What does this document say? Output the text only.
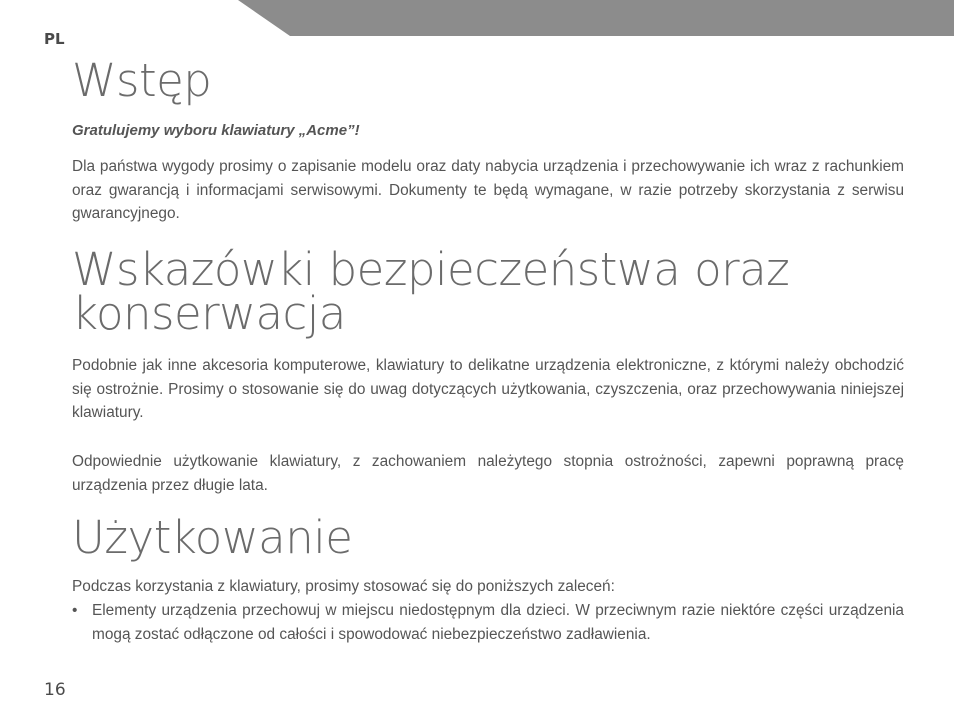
PL
Wstęp

Gratulujemy wyboru klawiatury „Acme”!

Dla państwa wygody prosimy o zapisanie modelu oraz daty nabycia urządzenia i przechowywanie ich wraz z rachunkiem oraz gwarancją i informacjami serwisowymi. Dokumenty te będą wymagane, w razie potrzeby skorzystania z serwisu gwarancyjnego.

Wskazówki bezpieczeństwa oraz konserwacja

Podobnie jak inne akcesoria komputerowe, klawiatury to delikatne urządzenia elektroniczne, z którymi należy obchodzić się ostrożnie. Prosimy o stosowanie się do uwag dotyczących użytkowania, czyszczenia, oraz przechowywania niniejszej klawiatury.

Odpowiednie użytkowanie klawiatury, z zachowaniem należytego stopnia ostrożności, zapewni poprawną pracę urządzenia przez długie lata.

Użytkowanie

Podczas korzystania z klawiatury, prosimy stosować się do poniższych zaleceń:

• Elementy urządzenia przechowuj w miejscu niedostępnym dla dzieci. W przeciwnym razie niektóre części urządzenia mogą zostać odłączone od całości i spowodować niebezpieczeństwo zadławienia.
16
